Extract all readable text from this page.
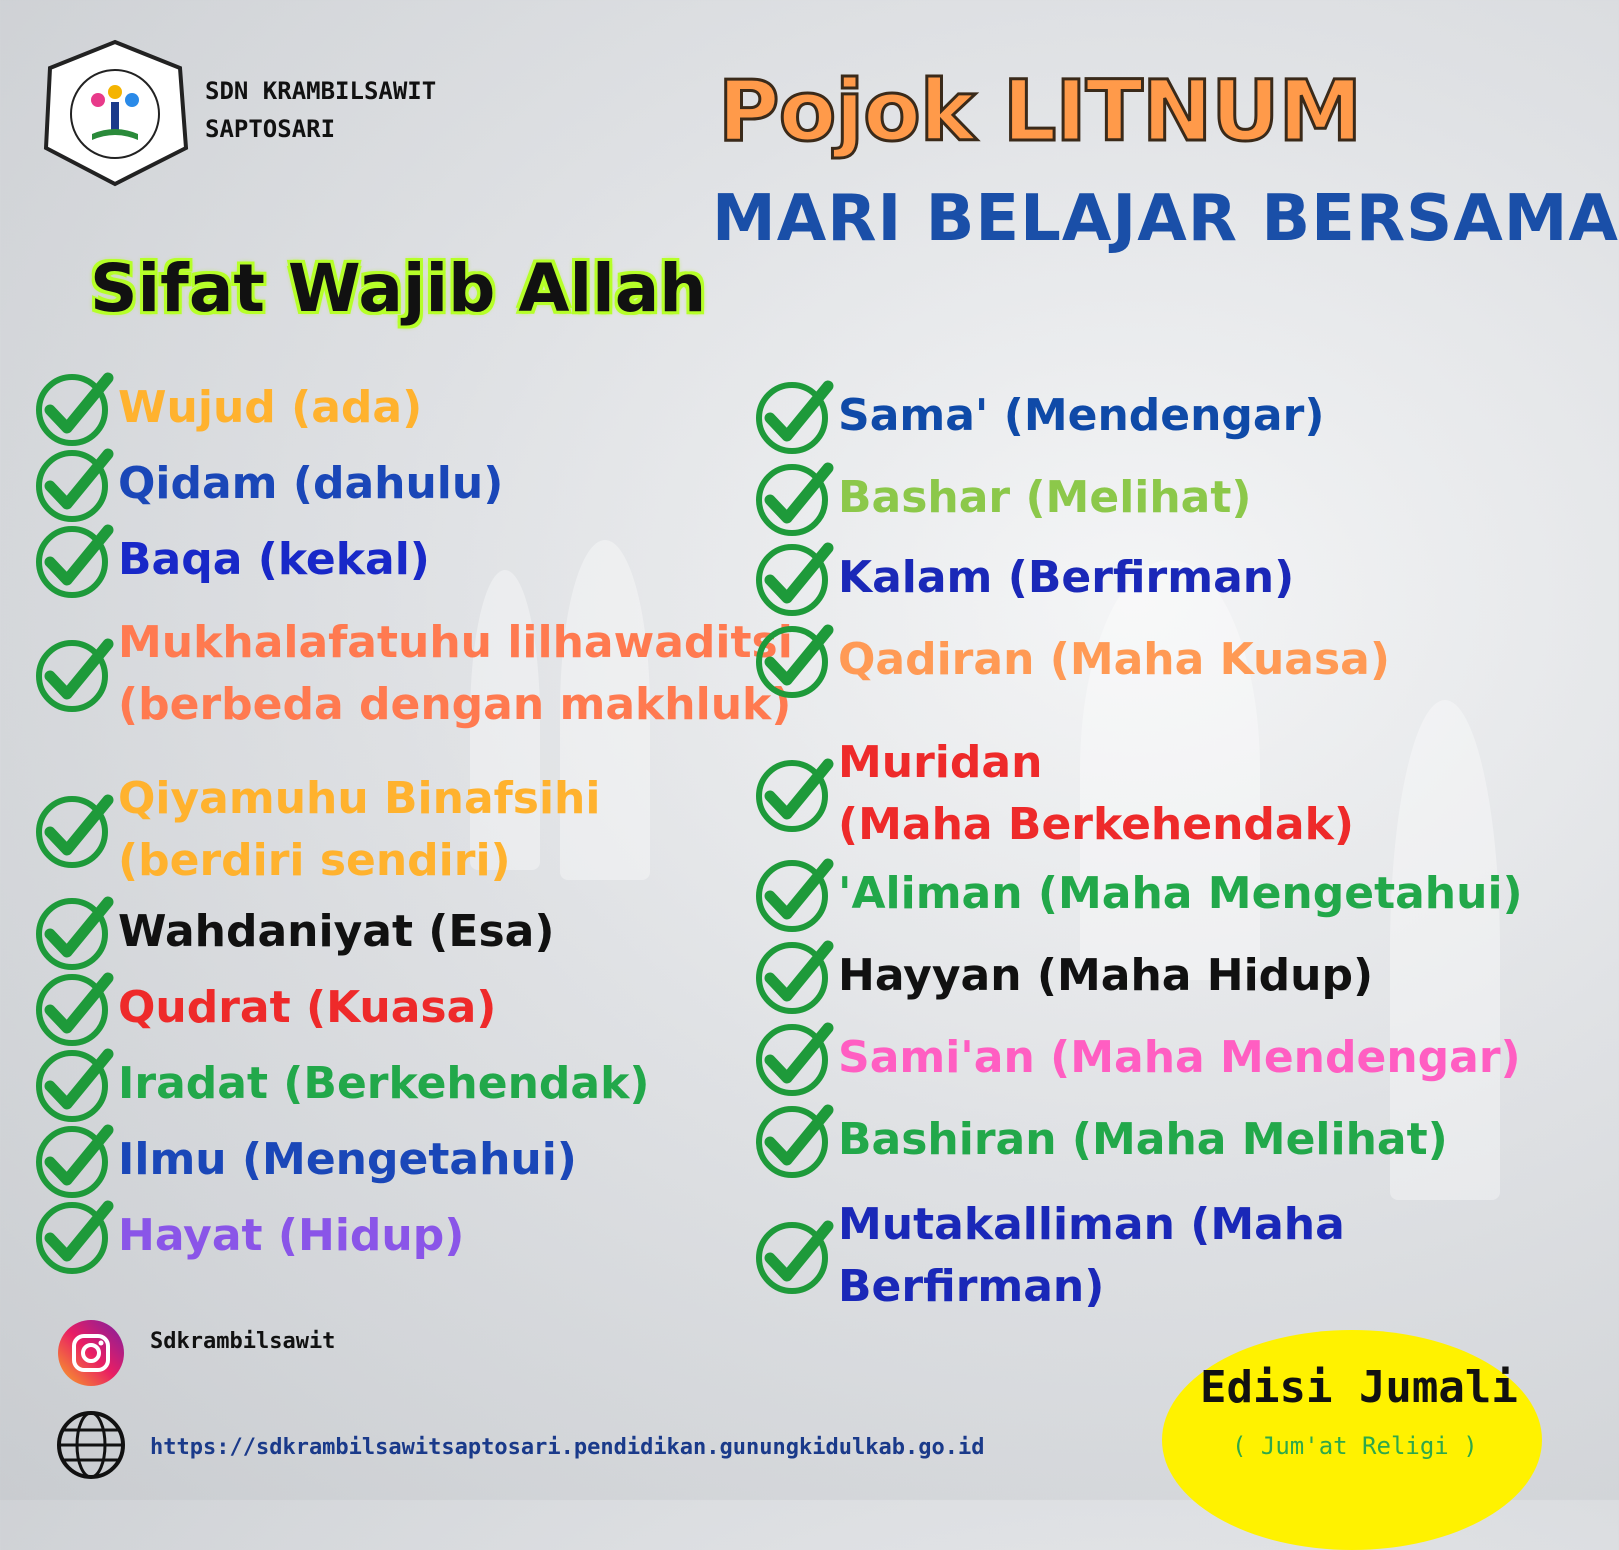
SDN KRAMBILSAWIT
SAPTOSARI	Pojok LITNUM
MARI BELAJAR BERSAMA
Sifat Wajib Allah
Wujud (ada)
Qidam (dahulu)
Baqa (kekal)
Mukhalafatuhu lilhawaditsi
(berbeda dengan makhluk)
Qiyamuhu Binafsihi
(berdiri sendiri)
Wahdaniyat (Esa)
Qudrat (Kuasa)
Iradat (Berkehendak)
Ilmu (Mengetahui)
Hayat (Hidup)
Sama' (Mendengar)
Bashar (Melihat)
Kalam (Berfirman)
Qadiran (Maha Kuasa)
Muridan
(Maha Berkehendak)
'Aliman (Maha Mengetahui)
Hayyan (Maha Hidup)
Sami'an (Maha Mendengar)
Bashiran (Maha Melihat)
Mutakalliman (Maha
Berfirman)
Sdkrambilsawit
https://sdkrambilsawitsaptosari.pendidikan.gunungkidulkab.go.id
Edisi Jumali
( Jum'at Religi )
